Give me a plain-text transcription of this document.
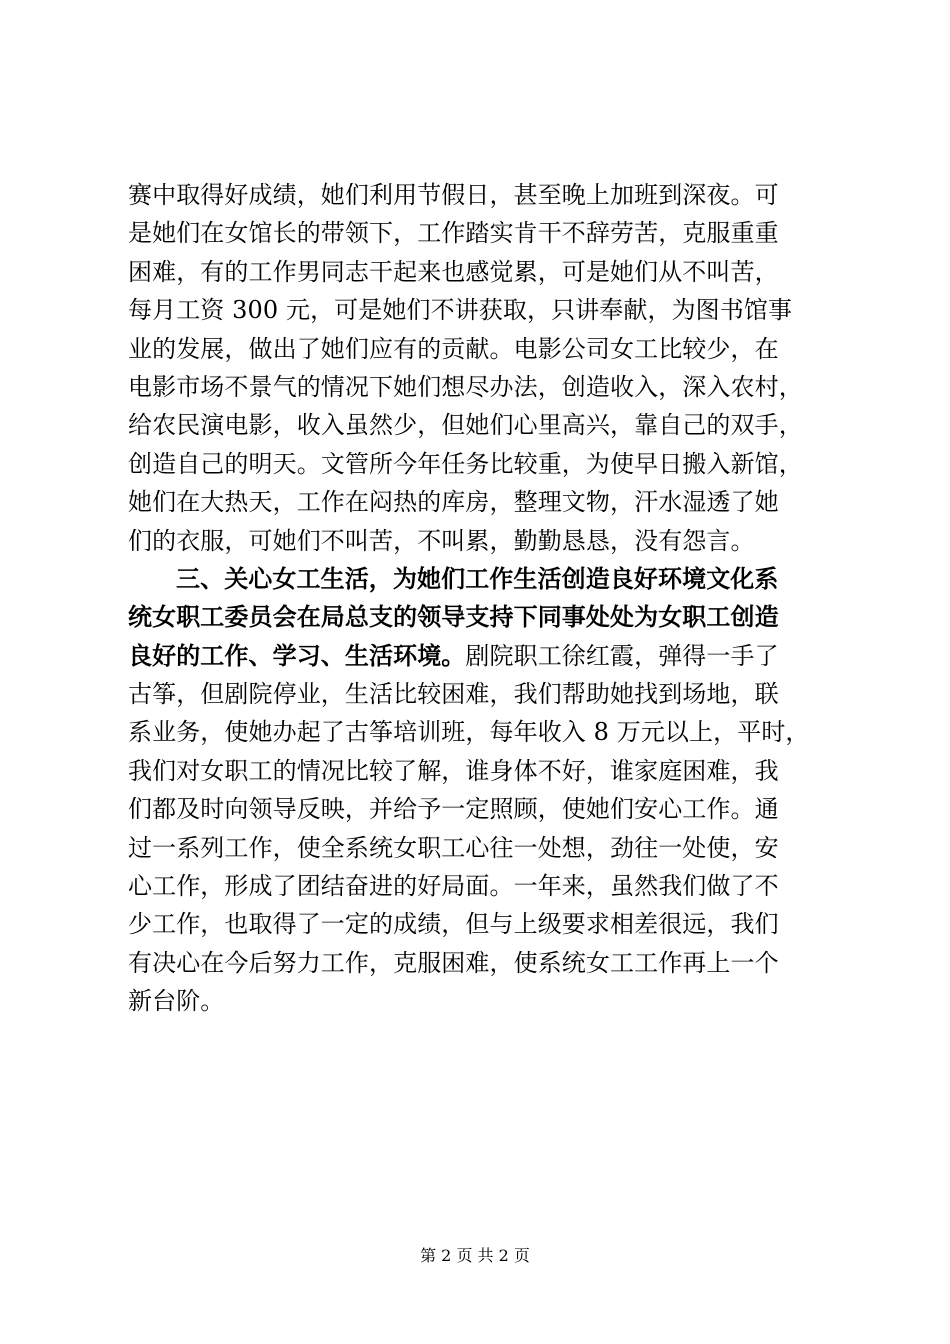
赛中取得好成绩，她们利用节假日，甚至晚上加班到深夜。可
是她们在女馆长的带领下，工作踏实肯干不辞劳苦，克服重重
困难，有的工作男同志干起来也感觉累，可是她们从不叫苦，
每月工资 300 元，可是她们不讲获取，只讲奉献，为图书馆事
业的发展，做出了她们应有的贡献。电影公司女工比较少，在
电影市场不景气的情况下她们想尽办法，创造收入，深入农村，
给农民演电影，收入虽然少，但她们心里高兴，靠自己的双手，
创造自己的明天。文管所今年任务比较重，为使早日搬入新馆，
她们在大热天，工作在闷热的库房，整理文物，汗水湿透了她
们的衣服，可她们不叫苦，不叫累，勤勤恳恳，没有怨言。
三、关心女工生活，为她们工作生活创造良好环境文化系
统女职工委员会在局总支的领导支持下同事处处为女职工创造
良好的工作、学习、生活环境。剧院职工徐红霞，弹得一手了
古筝，但剧院停业，生活比较困难，我们帮助她找到场地，联
系业务，使她办起了古筝培训班，每年收入 8 万元以上，平时，
我们对女职工的情况比较了解，谁身体不好，谁家庭困难，我
们都及时向领导反映，并给予一定照顾，使她们安心工作。通
过一系列工作，使全系统女职工心往一处想，劲往一处使，安
心工作，形成了团结奋进的好局面。一年来，虽然我们做了不
少工作，也取得了一定的成绩，但与上级要求相差很远，我们
有决心在今后努力工作，克服困难，使系统女工工作再上一个
新台阶。
第 2 页 共 2 页
